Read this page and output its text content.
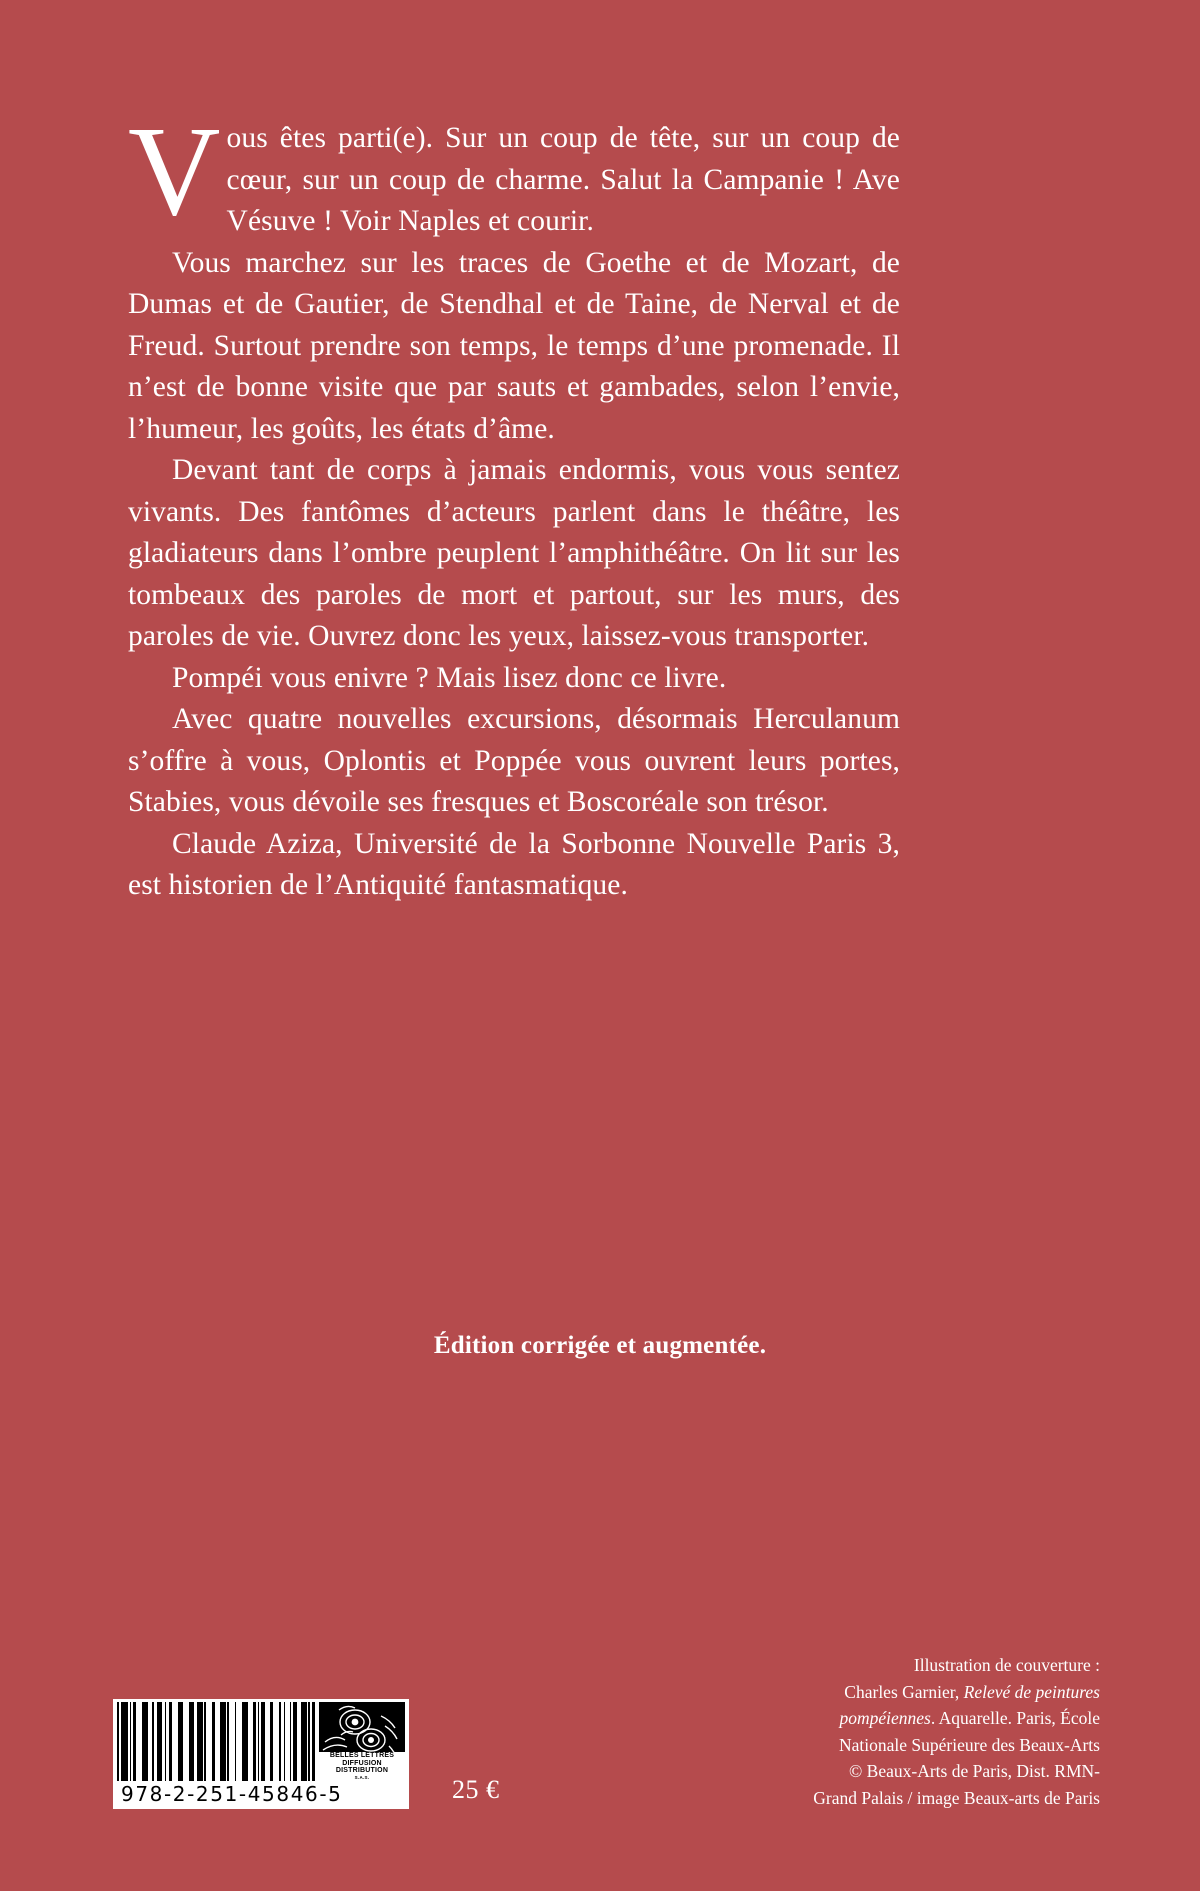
Vous êtes parti(e). Sur un coup de tête, sur un coup de cœur, sur un coup de charme. Salut la Campanie ! Ave Vésuve ! Voir Naples et courir.

Vous marchez sur les traces de Goethe et de Mozart, de Dumas et de Gautier, de Stendhal et de Taine, de Nerval et de Freud. Surtout prendre son temps, le temps d’une promenade. Il n’est de bonne visite que par sauts et gambades, selon l’envie, l’humeur, les goûts, les états d’âme.

Devant tant de corps à jamais endormis, vous vous sentez vivants. Des fantômes d’acteurs parlent dans le théâtre, les gladiateurs dans l’ombre peuplent l’amphithéâtre. On lit sur les tombeaux des paroles de mort et partout, sur les murs, des paroles de vie. Ouvrez donc les yeux, laissez-vous transporter.

Pompéi vous enivre ? Mais lisez donc ce livre.

Avec quatre nouvelles excursions, désormais Herculanum s’offre à vous, Oplontis et Poppée vous ouvrent leurs portes, Stabies, vous dévoile ses fresques et Boscoréale son trésor.

Claude Aziza, Université de la Sorbonne Nouvelle Paris 3, est historien de l’Antiquité fantasmatique.

Édition corrigée et augmentée.
BELLES LETTRES
DIFFUSION
DISTRIBUTION
S.A.S.
978-2-251-45846-5	25 €
Illustration de couverture :
Charles Garnier, Relevé de peintures
pompéiennes. Aquarelle. Paris, École
Nationale Supérieure des Beaux-Arts
© Beaux-Arts de Paris, Dist. RMN-
Grand Palais / image Beaux-arts de Paris
